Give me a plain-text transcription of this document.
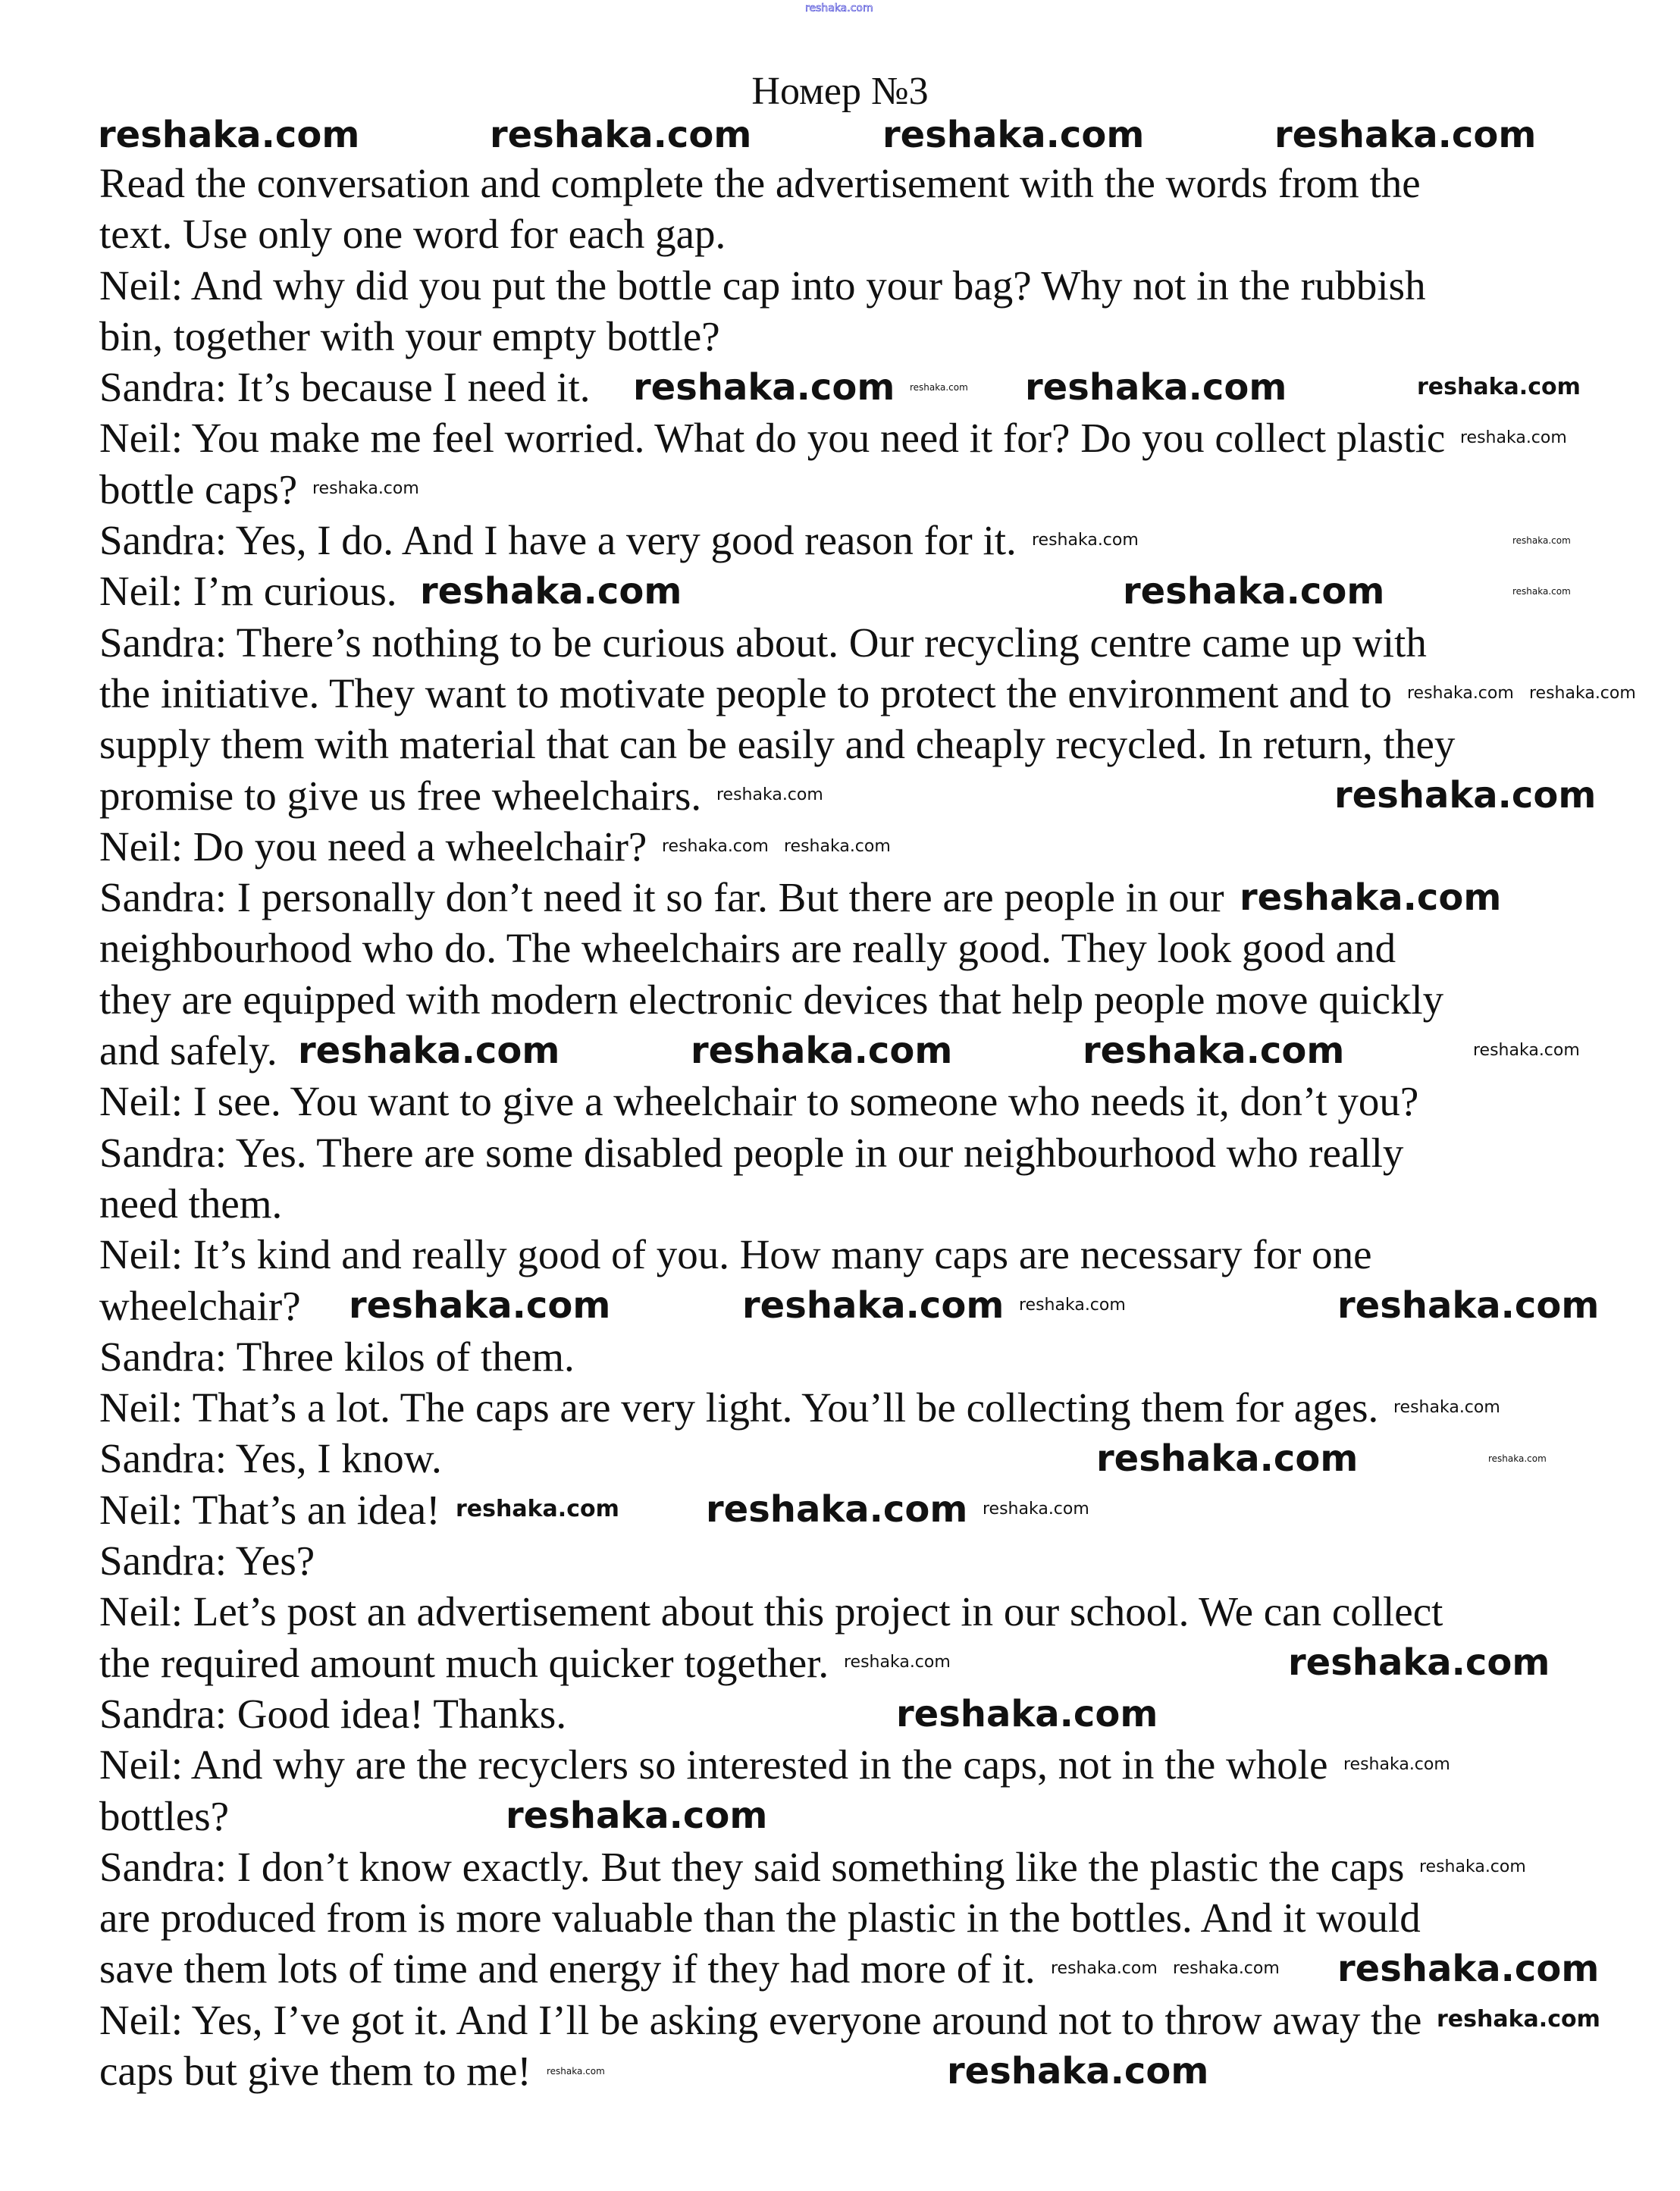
Номер №3
Read the conversation and complete the advertisement with the words from the
text. Use only one word for each gap.
Neil: And why did you put the bottle cap into your bag? Why not in the rubbish
bin, together with your empty bottle?
Sandra: It’s because I need it.
Neil: You make me feel worried. What do you need it for? Do you collect plastic
bottle caps?
Sandra: Yes, I do. And I have a very good reason for it.
Neil: I’m curious.
Sandra: There’s nothing to be curious about. Our recycling centre came up with
the initiative. They want to motivate people to protect the environment and to
supply them with material that can be easily and cheaply recycled. In return, they
promise to give us free wheelchairs.
Neil: Do you need a wheelchair?
Sandra: I personally don’t need it so far. But there are people in our
neighbourhood who do. The wheelchairs are really good. They look good and
they are equipped with modern electronic devices that help people move quickly
and safely.
Neil: I see. You want to give a wheelchair to someone who needs it, don’t you?
Sandra: Yes. There are some disabled people in our neighbourhood who really
need them.
Neil: It’s kind and really good of you. How many caps are necessary for one
wheelchair?
Sandra: Three kilos of them.
Neil: That’s a lot. The caps are very light. You’ll be collecting them for ages.
Sandra: Yes, I know.
Neil: That’s an idea!
Sandra: Yes?
Neil: Let’s post an advertisement about this project in our school. We can collect
the required amount much quicker together.
Sandra: Good idea! Thanks.
Neil: And why are the recyclers so interested in the caps, not in the whole
bottles?
Sandra: I don’t know exactly. But they said something like the plastic the caps
are produced from is more valuable than the plastic in the bottles. And it would
save them lots of time and energy if they had more of it.
Neil: Yes, I’ve got it. And I’ll be asking everyone around not to throw away the
caps but give them to me!
reshaka.com
reshaka.com	reshaka.com	reshaka.com	reshaka.com
reshaka.com	reshaka.com
reshaka.com	reshaka.com
reshaka.com
reshaka.com
reshaka.com	reshaka.com	reshaka.com
reshaka.com	reshaka.com
reshaka.com
reshaka.com
reshaka.com
reshaka.com
reshaka.com
reshaka.com
reshaka.com
reshaka.com
reshaka.com
reshaka.com
reshaka.com
reshaka.com
reshaka.com
reshaka.com
reshaka.com
reshaka.com reshaka.com
reshaka.com
reshaka.com reshaka.com
reshaka.com
reshaka.com
reshaka.com
reshaka.com
reshaka.com
reshaka.com
reshaka.com
reshaka.com reshaka.com
reshaka.com
reshaka.com
reshaka.com
reshaka.com
